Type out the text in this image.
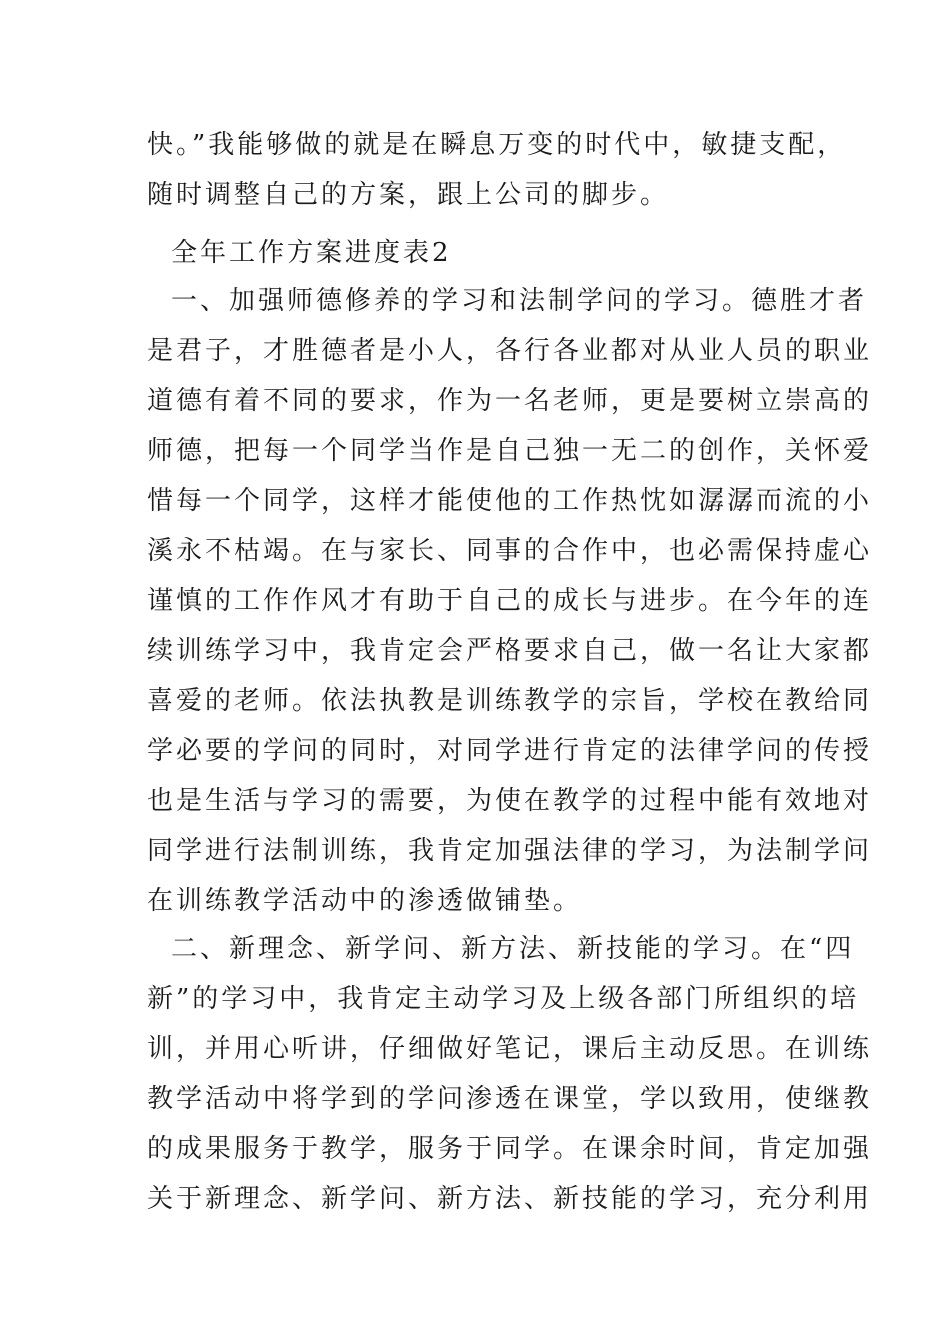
快。”我能够做的就是在瞬息万变的时代中，敏捷支配，
随时调整自己的方案，跟上公司的脚步。
全年工作方案进度表2
一、加强师德修养的学习和法制学问的学习。德胜才者
是君子，才胜德者是小人，各行各业都对从业人员的职业
道德有着不同的要求，作为一名老师，更是要树立崇高的
师德，把每一个同学当作是自己独一无二的创作，关怀爱
惜每一个同学，这样才能使他的工作热忱如潺潺而流的小
溪永不枯竭。在与家长、同事的合作中，也必需保持虚心
谨慎的工作作风才有助于自己的成长与进步。在今年的连
续训练学习中，我肯定会严格要求自己，做一名让大家都
喜爱的老师。依法执教是训练教学的宗旨，学校在教给同
学必要的学问的同时，对同学进行肯定的法律学问的传授
也是生活与学习的需要，为使在教学的过程中能有效地对
同学进行法制训练，我肯定加强法律的学习，为法制学问
在训练教学活动中的渗透做铺垫。
二、新理念、新学问、新方法、新技能的学习。在“四
新”的学习中，我肯定主动学习及上级各部门所组织的培
训，并用心听讲，仔细做好笔记，课后主动反思。在训练
教学活动中将学到的学问渗透在课堂，学以致用，使继教
的成果服务于教学，服务于同学。在课余时间，肯定加强
关于新理念、新学问、新方法、新技能的学习，充分利用
